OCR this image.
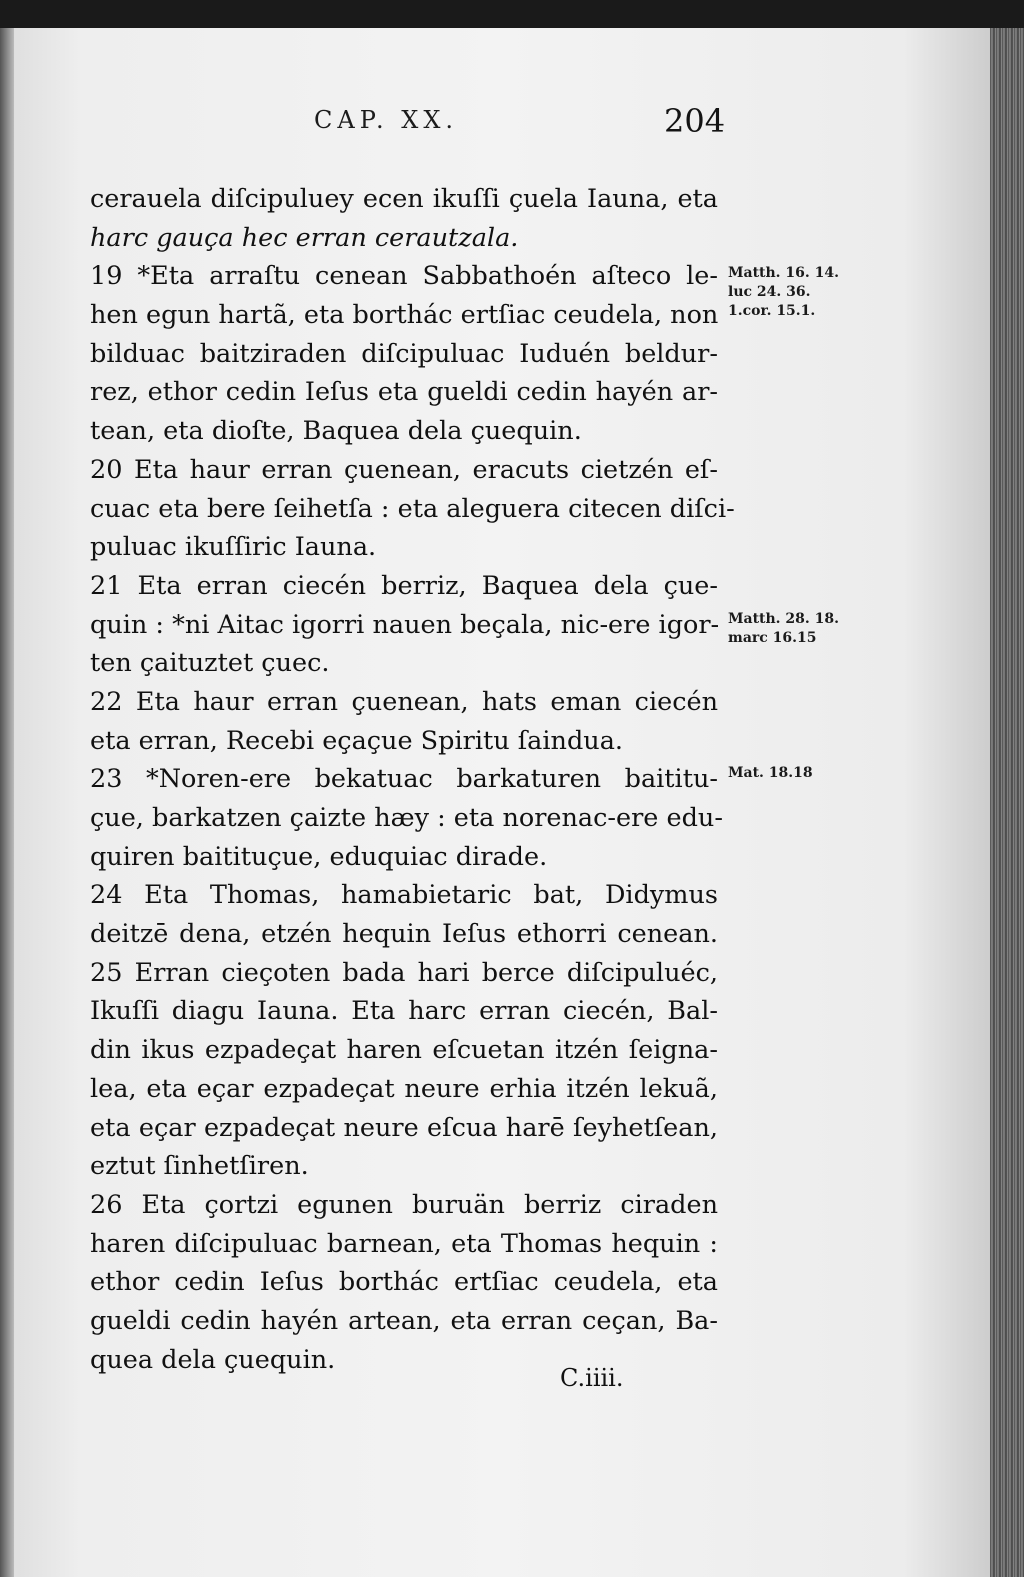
CAP. XX.	204
cerauela diſcipuluey ecen ikuſſi çuela Iauna, eta
harc gauça hec erran cerautzala.
19 *Eta arraſtu cenean Sabbathoén aſteco le-
hen egun hartã, eta borthác ertſiac ceudela, non
bilduac baitziraden diſcipuluac Iuduén beldur-
rez, ethor cedin Ieſus eta gueldi cedin hayén ar-
tean, eta dioſte, Baquea dela çuequin.
20 Eta haur erran çuenean, eracuts cietzén eſ-
cuac eta bere ſeihetſa : eta aleguera citecen diſci-
puluac ikuſſiric Iauna.
21 Eta erran ciecén berriz, Baquea dela çue-
quin : *ni Aitac igorri nauen beçala, nic-ere igor-
ten çaituztet çuec.
22 Eta haur erran çuenean, hats eman ciecén
eta erran, Recebi eçaçue Spiritu ſaindua.
23 *Noren-ere bekatuac barkaturen baititu-
çue, barkatzen çaizte hæy : eta norenac-ere edu-
quiren baitituçue, eduquiac dirade.
24 Eta Thomas, hamabietaric bat, Didymus
deitzē dena, etzén hequin Ieſus ethorri cenean.
25 Erran cieçoten bada hari berce diſcipuluéc,
Ikuſſi diagu Iauna. Eta harc erran ciecén, Bal-
din ikus ezpadeçat haren eſcuetan itzén ſeigna-
lea, eta eçar ezpadeçat neure erhia itzén lekuã,
eta eçar ezpadeçat neure eſcua harē ſeyhetſean,
eztut ſinhetſiren.
26 Eta çortzi egunen buruän berriz ciraden
haren diſcipuluac barnean, eta Thomas hequin :
ethor cedin Ieſus borthác ertſiac ceudela, eta
gueldi cedin hayén artean, eta erran ceçan, Ba-
quea dela çuequin.
Matth. 16. 14. luc 24. 36. 1.cor. 15.1.
Matth. 28. 18. marc 16.15
Mat. 18.18
C.iiii.
